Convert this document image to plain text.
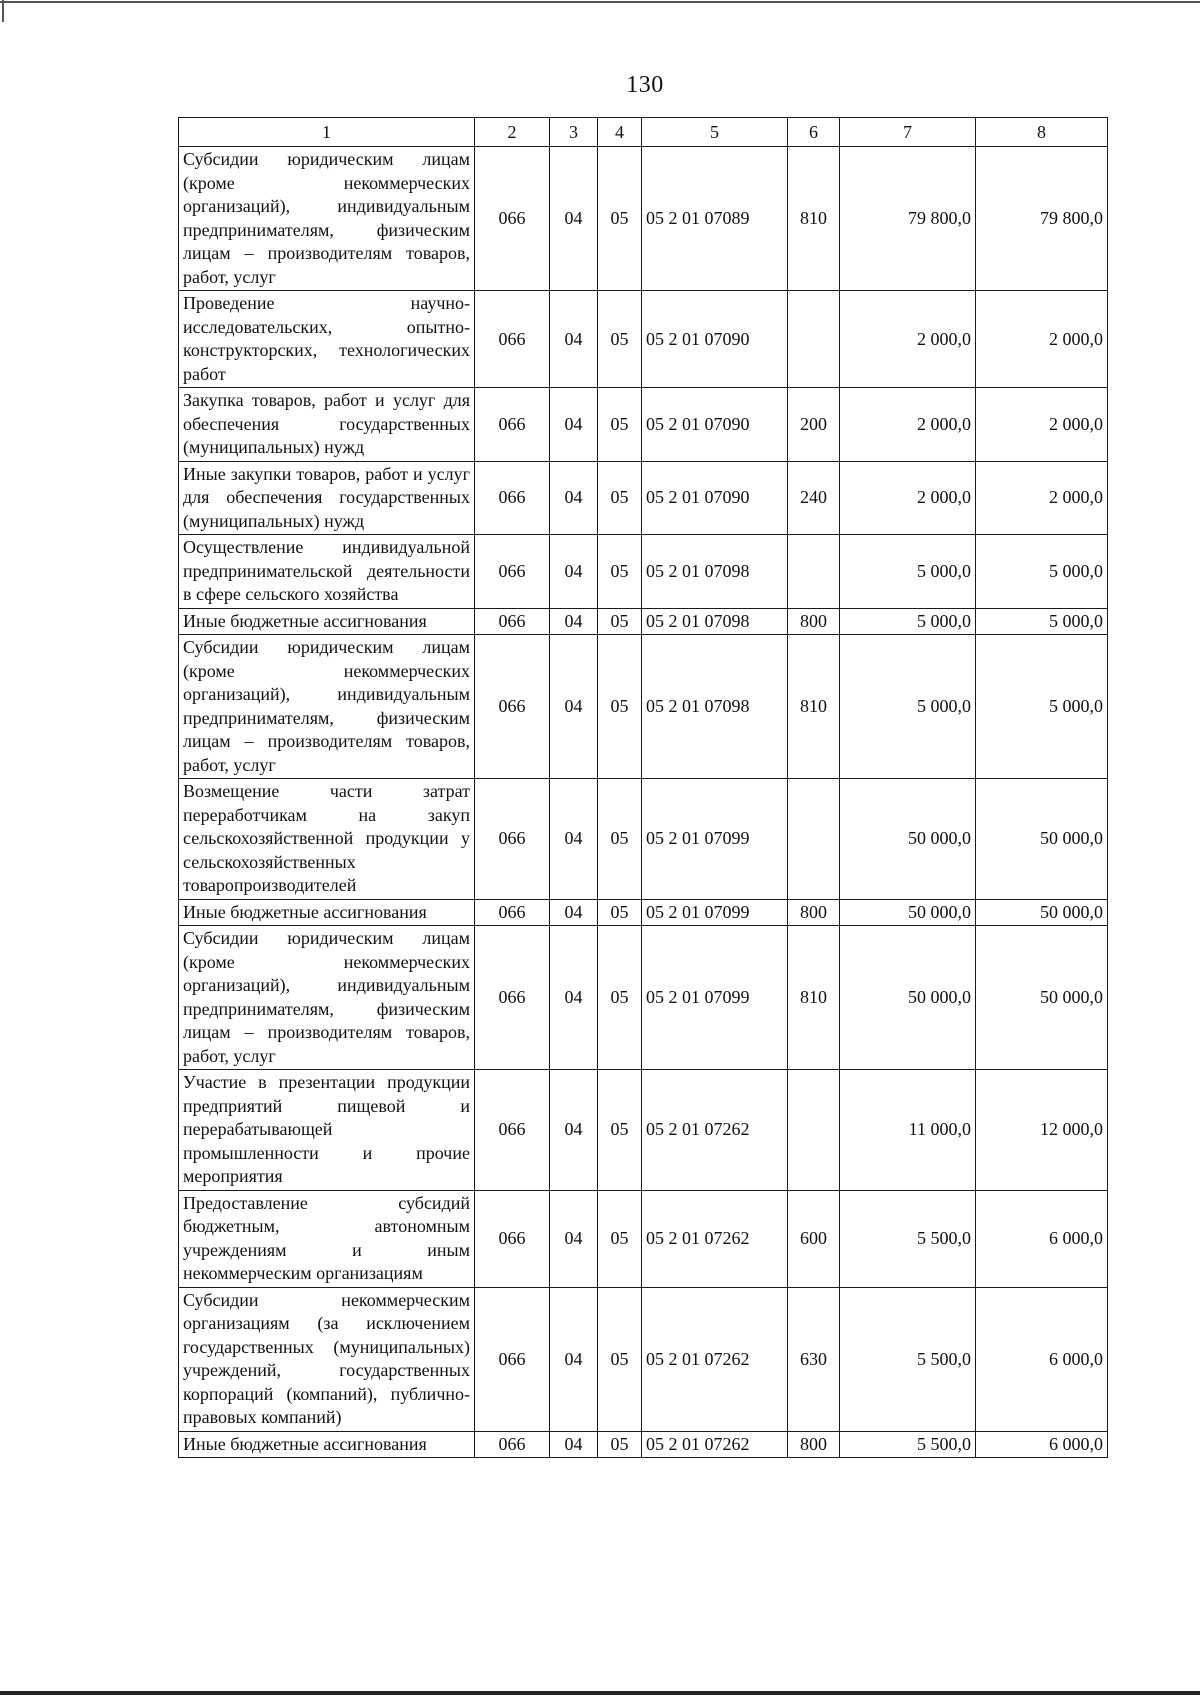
130
1	2	3	4	5	6	7	8
Субсидии юридическим лицам (кроме некоммерческих организаций), индивидуальным предпринимателям, физическим лицам – производителям товаров, работ, услуг	066	04	05	05 2 01 07089	810	79 800,0	79 800,0
Проведение научно-исследовательских, опытно-конструкторских, технологических работ	066	04	05	05 2 01 07090		2 000,0	2 000,0
Закупка товаров, работ и услуг для обеспечения государственных (муниципальных) нужд	066	04	05	05 2 01 07090	200	2 000,0	2 000,0
Иные закупки товаров, работ и услуг для обеспечения государственных (муниципальных) нужд	066	04	05	05 2 01 07090	240	2 000,0	2 000,0
Осуществление индивидуальной предпринимательской деятельности в сфере сельского хозяйства	066	04	05	05 2 01 07098		5 000,0	5 000,0
Иные бюджетные ассигнования	066	04	05	05 2 01 07098	800	5 000,0	5 000,0
Субсидии юридическим лицам (кроме некоммерческих организаций), индивидуальным предпринимателям, физическим лицам – производителям товаров, работ, услуг	066	04	05	05 2 01 07098	810	5 000,0	5 000,0
Возмещение части затрат переработчикам на закуп сельскохозяйственной продукции у сельскохозяйственных товаропроизводителей	066	04	05	05 2 01 07099		50 000,0	50 000,0
Иные бюджетные ассигнования	066	04	05	05 2 01 07099	800	50 000,0	50 000,0
Субсидии юридическим лицам (кроме некоммерческих организаций), индивидуальным предпринимателям, физическим лицам – производителям товаров, работ, услуг	066	04	05	05 2 01 07099	810	50 000,0	50 000,0
Участие в презентации продукции предприятий пищевой и перерабатывающей промышленности и прочие мероприятия	066	04	05	05 2 01 07262		11 000,0	12 000,0
Предоставление субсидий бюджетным, автономным учреждениям и иным некоммерческим организациям	066	04	05	05 2 01 07262	600	5 500,0	6 000,0
Субсидии некоммерческим организациям (за исключением государственных (муниципальных) учреждений, государственных корпораций (компаний), публично-правовых компаний)	066	04	05	05 2 01 07262	630	5 500,0	6 000,0
Иные бюджетные ассигнования	066	04	05	05 2 01 07262	800	5 500,0	6 000,0
